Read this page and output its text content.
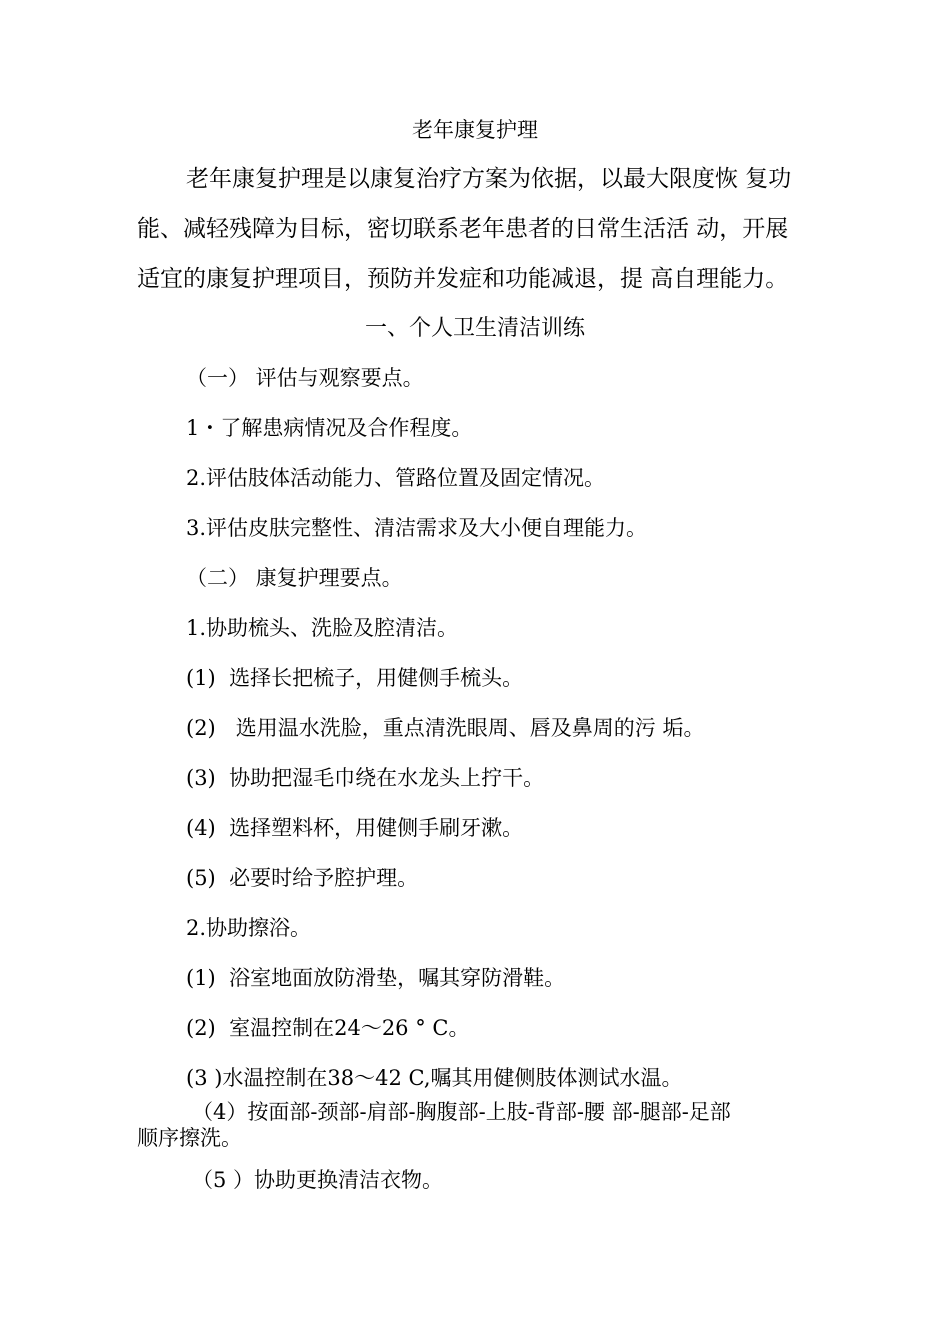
老年康复护理
老年康复护理是以康复治疗方案为依据，以最大限度恢 复功
能、减轻残障为目标，密切联系老年患者的日常生活活 动，开展
适宜的康复护理项目，预防并发症和功能减退，提 高自理能力。
一、个人卫生清洁训练
（一） 评估与观察要点。
1・了解患病情况及合作程度。
2.评估肢体活动能力、管路位置及固定情况。
3.评估皮肤完整性、清洁需求及大小便自理能力。
（二） 康复护理要点。
1.协助梳头、洗脸及腔清洁。
(1)  选择长把梳子，用健侧手梳头。
(2)   选用温水洗脸，重点清洗眼周、唇及鼻周的污 垢。
(3)  协助把湿毛巾绕在水龙头上拧干。
(4)  选择塑料杯，用健侧手刷牙漱。
(5)  必要时给予腔护理。
2.协助擦浴。
(1)  浴室地面放防滑垫，嘱其穿防滑鞋。
(2)  室温控制在24〜26 ° C。
(3 )水温控制在38〜42 C,嘱其用健侧肢体测试水温。
（4）按面部-颈部-肩部-胸腹部-上肢-背部-腰 部-腿部-足部
顺序擦洗。
（5 ）协助更换清洁衣物。
